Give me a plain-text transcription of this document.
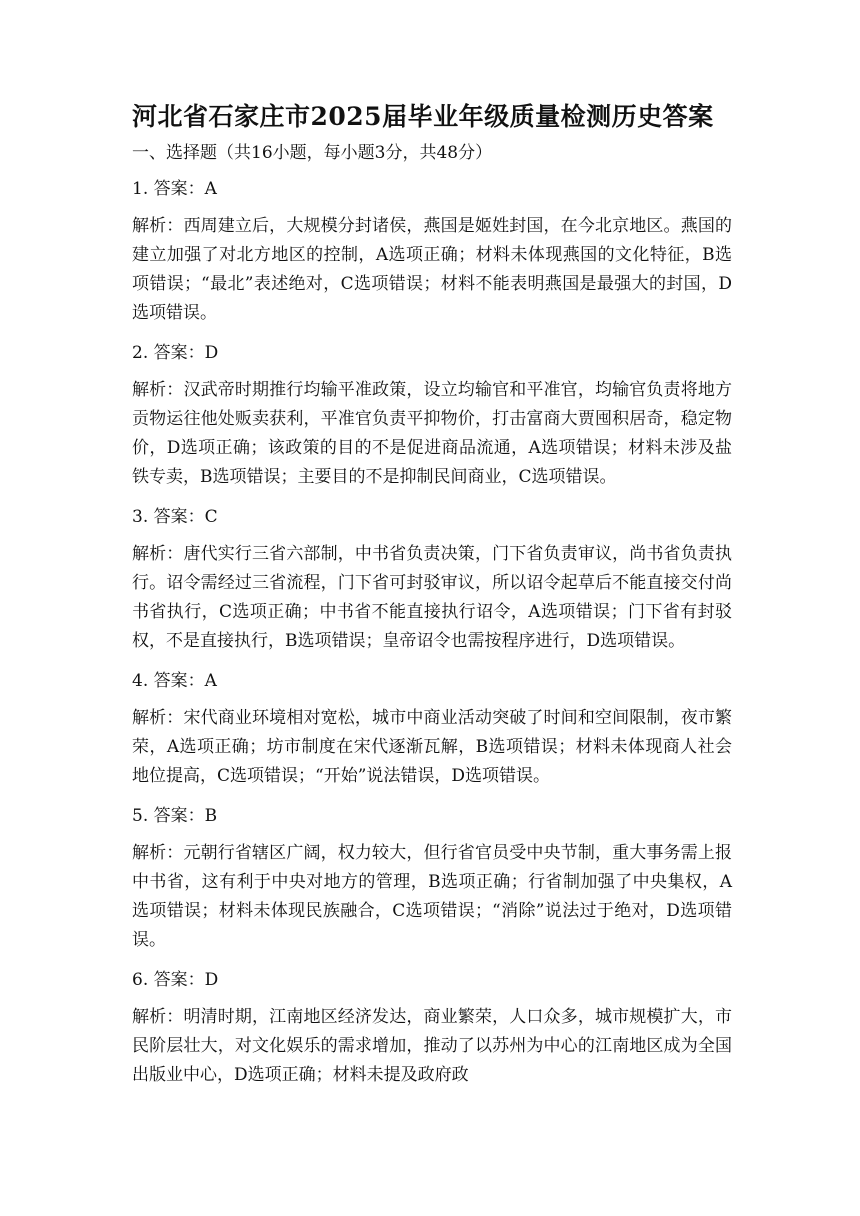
河北省石家庄市2025届毕业年级质量检测历史答案

一、选择题（共16小题，每小题3分，共48分）

1. 答案：A

解析：西周建立后，大规模分封诸侯，燕国是姬姓封国，在今北京地区。燕国的建立加强了对北方地区的控制，A选项正确；材料未体现燕国的文化特征，B选项错误；“最北”表述绝对，C选项错误；材料不能表明燕国是最强大的封国，D选项错误。

2. 答案：D

解析：汉武帝时期推行均输平准政策，设立均输官和平准官，均输官负责将地方贡物运往他处贩卖获利，平准官负责平抑物价，打击富商大贾囤积居奇，稳定物价，D选项正确；该政策的目的不是促进商品流通，A选项错误；材料未涉及盐铁专卖，B选项错误；主要目的不是抑制民间商业，C选项错误。

3. 答案：C

解析：唐代实行三省六部制，中书省负责决策，门下省负责审议，尚书省负责执行。诏令需经过三省流程，门下省可封驳审议，所以诏令起草后不能直接交付尚书省执行，C选项正确；中书省不能直接执行诏令，A选项错误；门下省有封驳权，不是直接执行，B选项错误；皇帝诏令也需按程序进行，D选项错误。

4. 答案：A

解析：宋代商业环境相对宽松，城市中商业活动突破了时间和空间限制，夜市繁荣，A选项正确；坊市制度在宋代逐渐瓦解，B选项错误；材料未体现商人社会地位提高，C选项错误；“开始”说法错误，D选项错误。

5. 答案：B

解析：元朝行省辖区广阔，权力较大，但行省官员受中央节制，重大事务需上报中书省，这有利于中央对地方的管理，B选项正确；行省制加强了中央集权，A选项错误；材料未体现民族融合，C选项错误；“消除”说法过于绝对，D选项错误。

6. 答案：D

解析：明清时期，江南地区经济发达，商业繁荣，人口众多，城市规模扩大，市民阶层壮大，对文化娱乐的需求增加，推动了以苏州为中心的江南地区成为全国出版业中心，D选项正确；材料未提及政府政
